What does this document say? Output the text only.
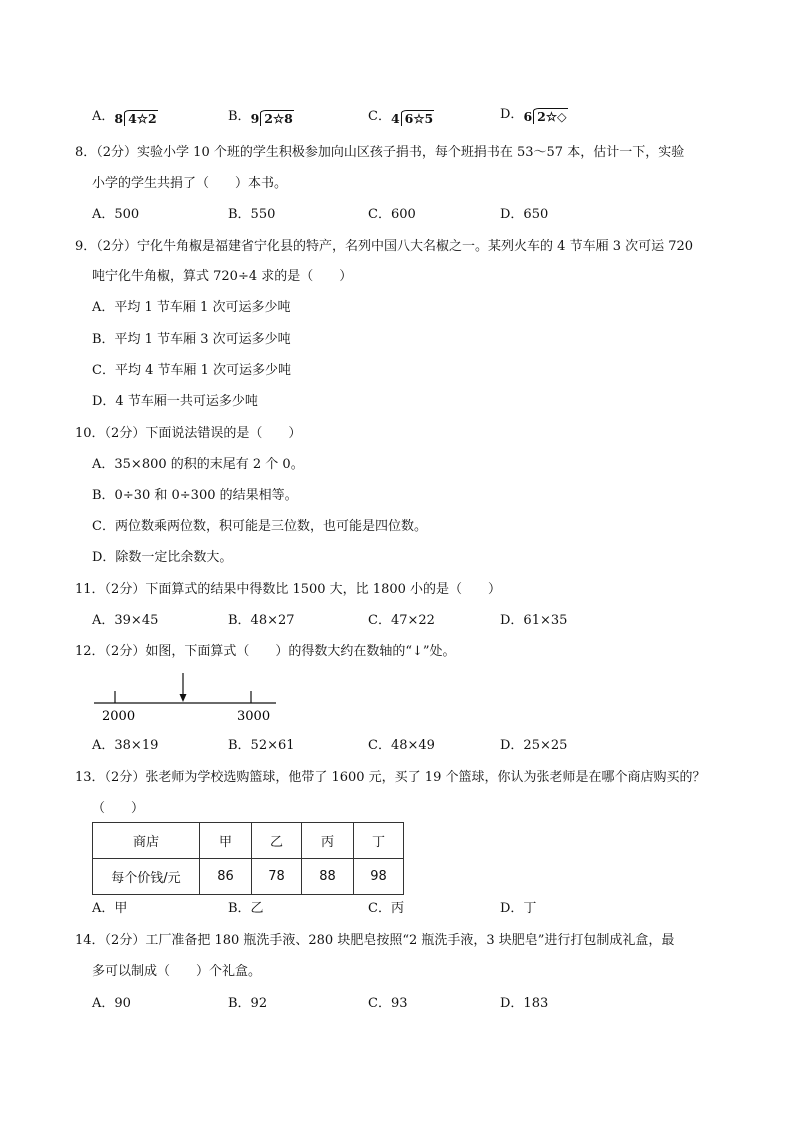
A．8 4☆2	B．9 2☆8	C．4 6☆5	D．6 2☆◇
8．（2分）实验小学 10 个班的学生积极参加向山区孩子捐书，每个班捐书在 53～57 本，估计一下，实验
小学的学生共捐了（　　）本书。
A．500	B．550	C．600	D．650
9．（2分）宁化牛角椒是福建省宁化县的特产，名列中国八大名椒之一。某列火车的 4 节车厢 3 次可运 720
吨宁化牛角椒，算式 720÷4 求的是（　　）
A．平均 1 节车厢 1 次可运多少吨
B．平均 1 节车厢 3 次可运多少吨
C．平均 4 节车厢 1 次可运多少吨
D．4 节车厢一共可运多少吨
10．（2分）下面说法错误的是（　　）
A．35×800 的积的末尾有 2 个 0。
B．0÷30 和 0÷300 的结果相等。
C．两位数乘两位数，积可能是三位数，也可能是四位数。
D．除数一定比余数大。
11．（2分）下面算式的结果中得数比 1500 大，比 1800 小的是（　　）
A．39×45	B．48×27	C．47×22	D．61×35
12．（2分）如图，下面算式（　　）的得数大约在数轴的“↓”处。
2000	3000
A．38×19	B．52×61	C．48×49	D．25×25
13．（2分）张老师为学校选购篮球，他带了 1600 元，买了 19 个篮球，你认为张老师是在哪个商店购买的？
（　　）
商店	甲	乙	丙	丁
每个价钱/元	86	78	88	98
A．甲	B．乙	C．丙	D．丁
14．（2分）工厂准备把 180 瓶洗手液、280 块肥皂按照“2 瓶洗手液，3 块肥皂”进行打包制成礼盒，最
多可以制成（　　）个礼盒。
A．90	B．92	C．93	D．183
